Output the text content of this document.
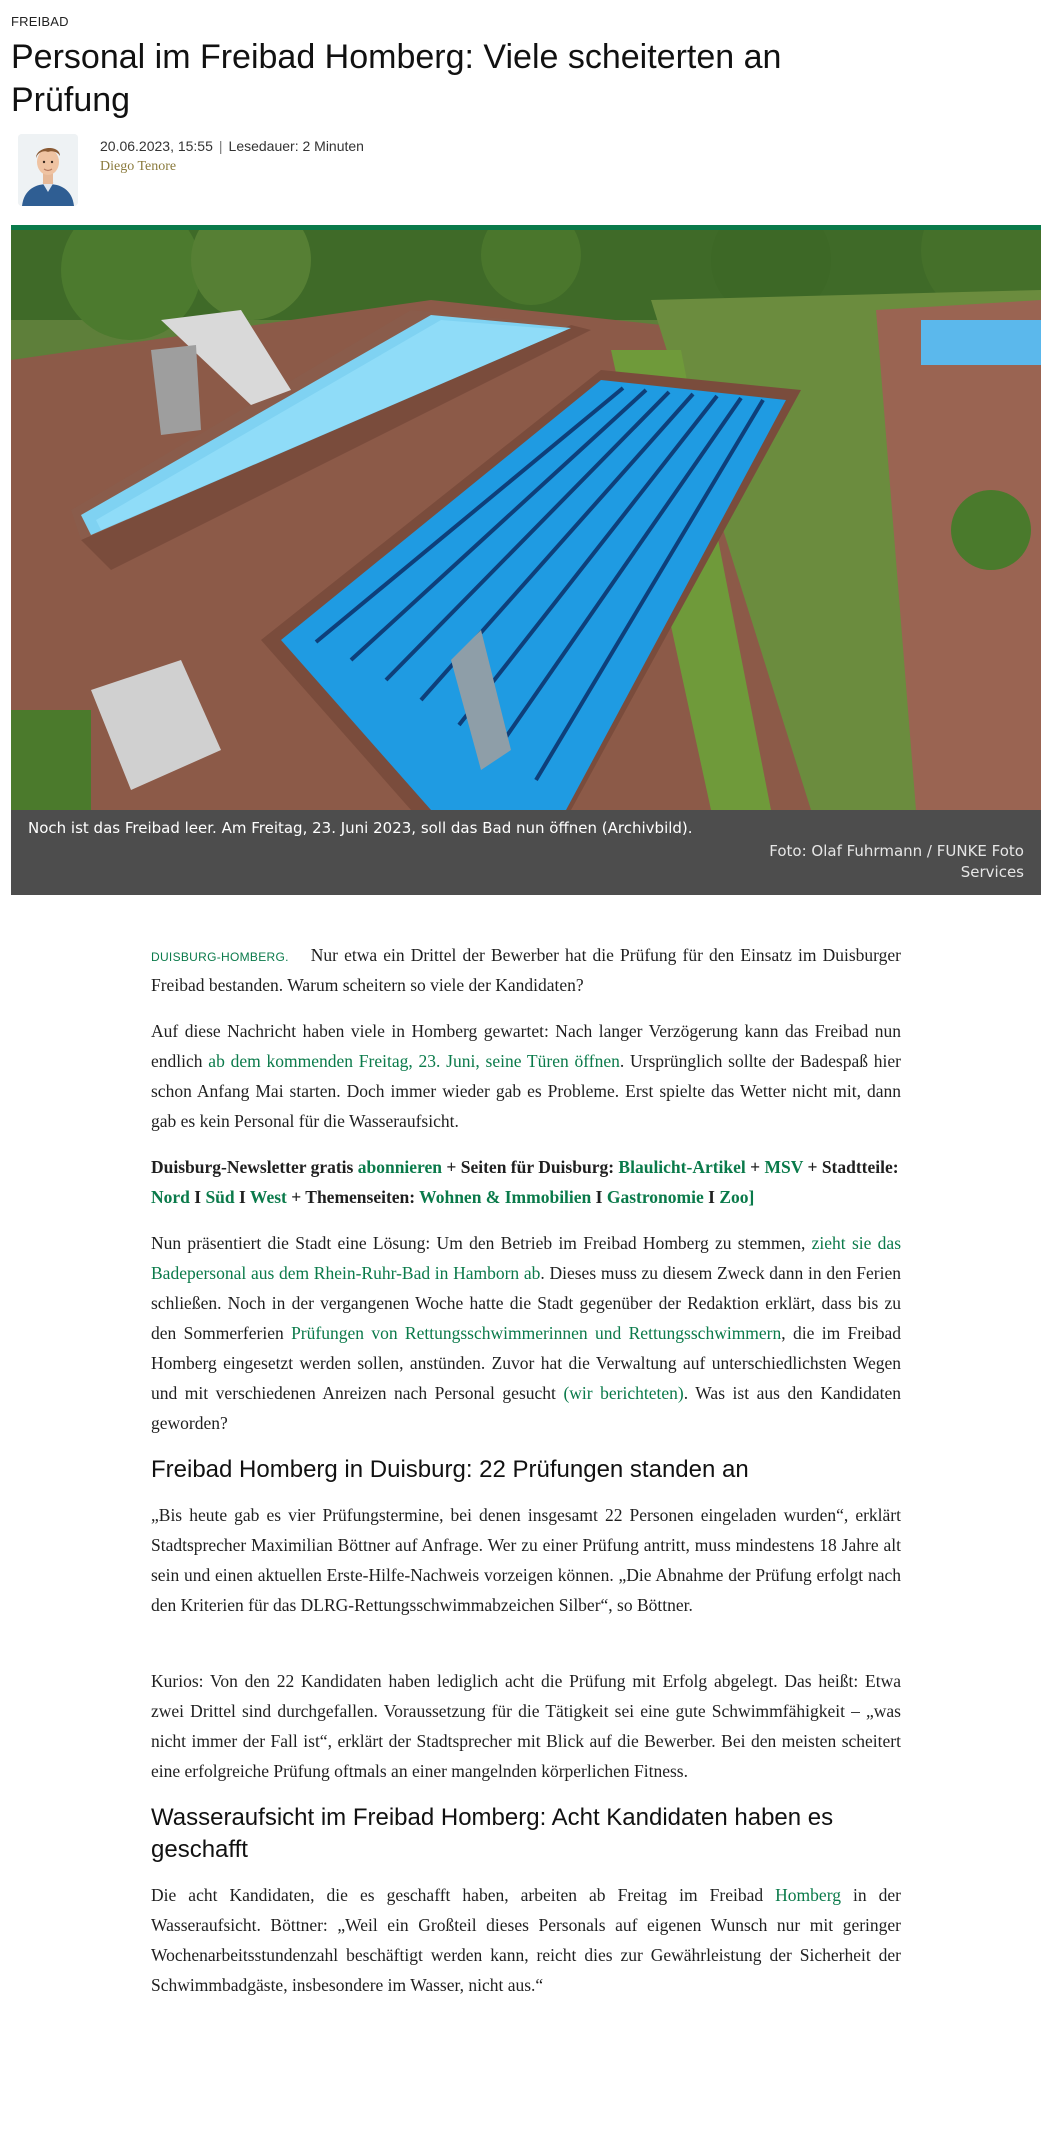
FREIBAD
Personal im Freibad Homberg: Viele scheiterten an Prüfung
20.06.2023, 15:55 | Lesedauer: 2 Minuten
Diego Tenore
Noch ist das Freibad leer. Am Freitag, 23. Juni 2023, soll das Bad nun öffnen (Archivbild).
Foto: Olaf Fuhrmann / FUNKE Foto Services

DUISBURG-HOMBERG. Nur etwa ein Drittel der Bewerber hat die Prüfung für den Einsatz im Duisburger Freibad bestanden. Warum scheitern so viele der Kandidaten?

Auf diese Nachricht haben viele in Homberg gewartet: Nach langer Verzögerung kann das Freibad nun endlich ab dem kommenden Freitag, 23. Juni, seine Türen öffnen. Ursprünglich sollte der Badespaß hier schon Anfang Mai starten. Doch immer wieder gab es Probleme. Erst spielte das Wetter nicht mit, dann gab es kein Personal für die Wasseraufsicht.

Duisburg-Newsletter gratis abonnieren + Seiten für Duisburg: Blaulicht-Artikel + MSV + Stadtteile: Nord I Süd I West + Themenseiten: Wohnen & Immobilien I Gastronomie I Zoo]

Nun präsentiert die Stadt eine Lösung: Um den Betrieb im Freibad Homberg zu stemmen, zieht sie das Badepersonal aus dem Rhein-Ruhr-Bad in Hamborn ab. Dieses muss zu diesem Zweck dann in den Ferien schließen. Noch in der vergangenen Woche hatte die Stadt gegenüber der Redaktion erklärt, dass bis zu den Sommerferien Prüfungen von Rettungsschwimmerinnen und Rettungsschwimmern, die im Freibad Homberg eingesetzt werden sollen, anstünden. Zuvor hat die Verwaltung auf unterschiedlichsten Wegen und mit verschiedenen Anreizen nach Personal gesucht (wir berichteten). Was ist aus den Kandidaten geworden?

Freibad Homberg in Duisburg: 22 Prüfungen standen an

„Bis heute gab es vier Prüfungstermine, bei denen insgesamt 22 Personen eingeladen wurden“, erklärt Stadtsprecher Maximilian Böttner auf Anfrage. Wer zu einer Prüfung antritt, muss mindestens 18 Jahre alt sein und einen aktuellen Erste-Hilfe-Nachweis vorzeigen können. „Die Abnahme der Prüfung erfolgt nach den Kriterien für das DLRG-Rettungsschwimmabzeichen Silber“, so Böttner.

Kurios: Von den 22 Kandidaten haben lediglich acht die Prüfung mit Erfolg abgelegt. Das heißt: Etwa zwei Drittel sind durchgefallen. Voraussetzung für die Tätigkeit sei eine gute Schwimmfähigkeit – „was nicht immer der Fall ist“, erklärt der Stadtsprecher mit Blick auf die Bewerber. Bei den meisten scheitert eine erfolgreiche Prüfung oftmals an einer mangelnden körperlichen Fitness.

Wasseraufsicht im Freibad Homberg: Acht Kandidaten haben es geschafft

Die acht Kandidaten, die es geschafft haben, arbeiten ab Freitag im Freibad Homberg in der Wasseraufsicht. Böttner: „Weil ein Großteil dieses Personals auf eigenen Wunsch nur mit geringer Wochenarbeitsstundenzahl beschäftigt werden kann, reicht dies zur Gewährleistung der Sicherheit der Schwimmbadgäste, insbesondere im Wasser, nicht aus.“
